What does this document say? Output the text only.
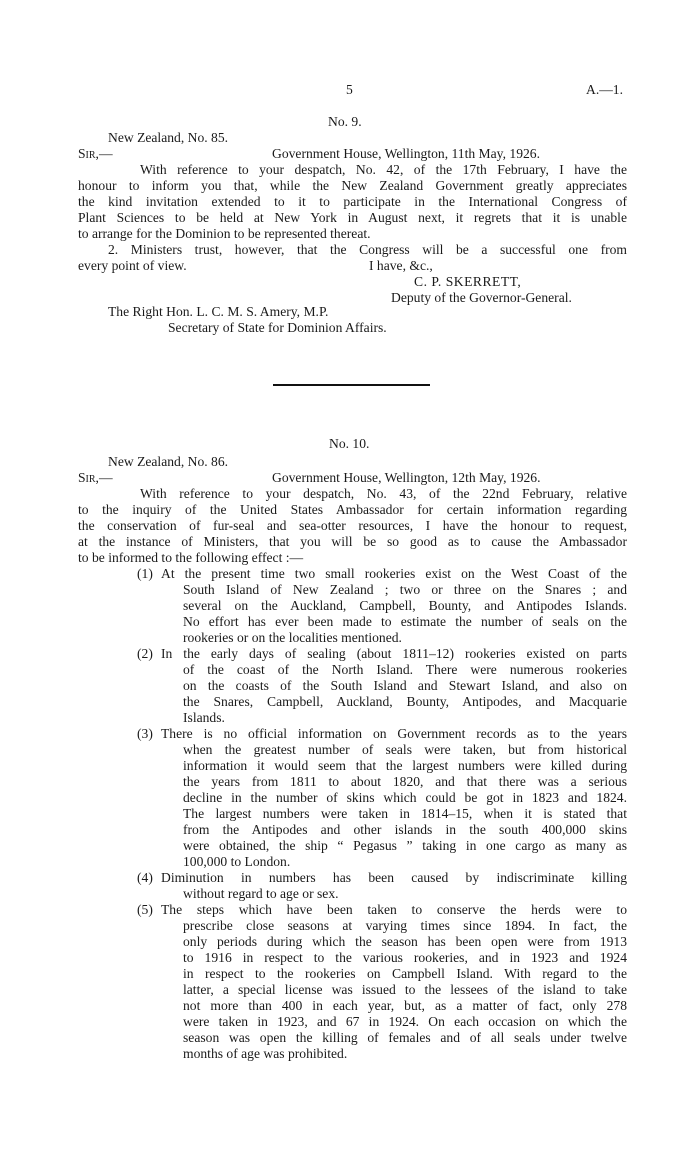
5	A.—1.
No. 9.
New Zealand, No. 85.
Sir,—	Government House, Wellington, 11th May, 1926.
With reference to your despatch, No. 42, of the 17th February, I have the
honour to inform you that, while the New Zealand Government greatly appreciates
the kind invitation extended to it to participate in the International Congress of
Plant Sciences to be held at New York in August next, it regrets that it is unable
to arrange for the Dominion to be represented thereat.
2. Ministers trust, however, that the Congress will be a successful one from
every point of view.	I have, &c.,
C. P. SKERRETT,
Deputy of the Governor-General.
The Right Hon. L. C. M. S. Amery, M.P.
Secretary of State for Dominion Affairs.
No. 10.
New Zealand, No. 86.
Sir,—	Government House, Wellington, 12th May, 1926.
With reference to your despatch, No. 43, of the 22nd February, relative
to the inquiry of the United States Ambassador for certain information regarding
the conservation of fur-seal and sea-otter resources, I have the honour to request,
at the instance of Ministers, that you will be so good as to cause the Ambassador
to be informed to the following effect :—
(1) At the present time two small rookeries exist on the West Coast of the
South Island of New Zealand ; two or three on the Snares ; and
several on the Auckland, Campbell, Bounty, and Antipodes Islands.
No effort has ever been made to estimate the number of seals on the
rookeries or on the localities mentioned.
(2) In the early days of sealing (about 1811–12) rookeries existed on parts
of the coast of the North Island. There were numerous rookeries
on the coasts of the South Island and Stewart Island, and also on
the Snares, Campbell, Auckland, Bounty, Antipodes, and Macquarie
Islands.
(3) There is no official information on Government records as to the years
when the greatest number of seals were taken, but from historical
information it would seem that the largest numbers were killed during
the years from 1811 to about 1820, and that there was a serious
decline in the number of skins which could be got in 1823 and 1824.
The largest numbers were taken in 1814–15, when it is stated that
from the Antipodes and other islands in the south 400,000 skins
were obtained, the ship “ Pegasus ” taking in one cargo as many as
100,000 to London.
(4) Diminution in numbers has been caused by indiscriminate killing
without regard to age or sex.
(5) The steps which have been taken to conserve the herds were to
prescribe close seasons at varying times since 1894. In fact, the
only periods during which the season has been open were from 1913
to 1916 in respect to the various rookeries, and in 1923 and 1924
in respect to the rookeries on Campbell Island. With regard to the
latter, a special license was issued to the lessees of the island to take
not more than 400 in each year, but, as a matter of fact, only 278
were taken in 1923, and 67 in 1924. On each occasion on which the
season was open the killing of females and of all seals under twelve
months of age was prohibited.
